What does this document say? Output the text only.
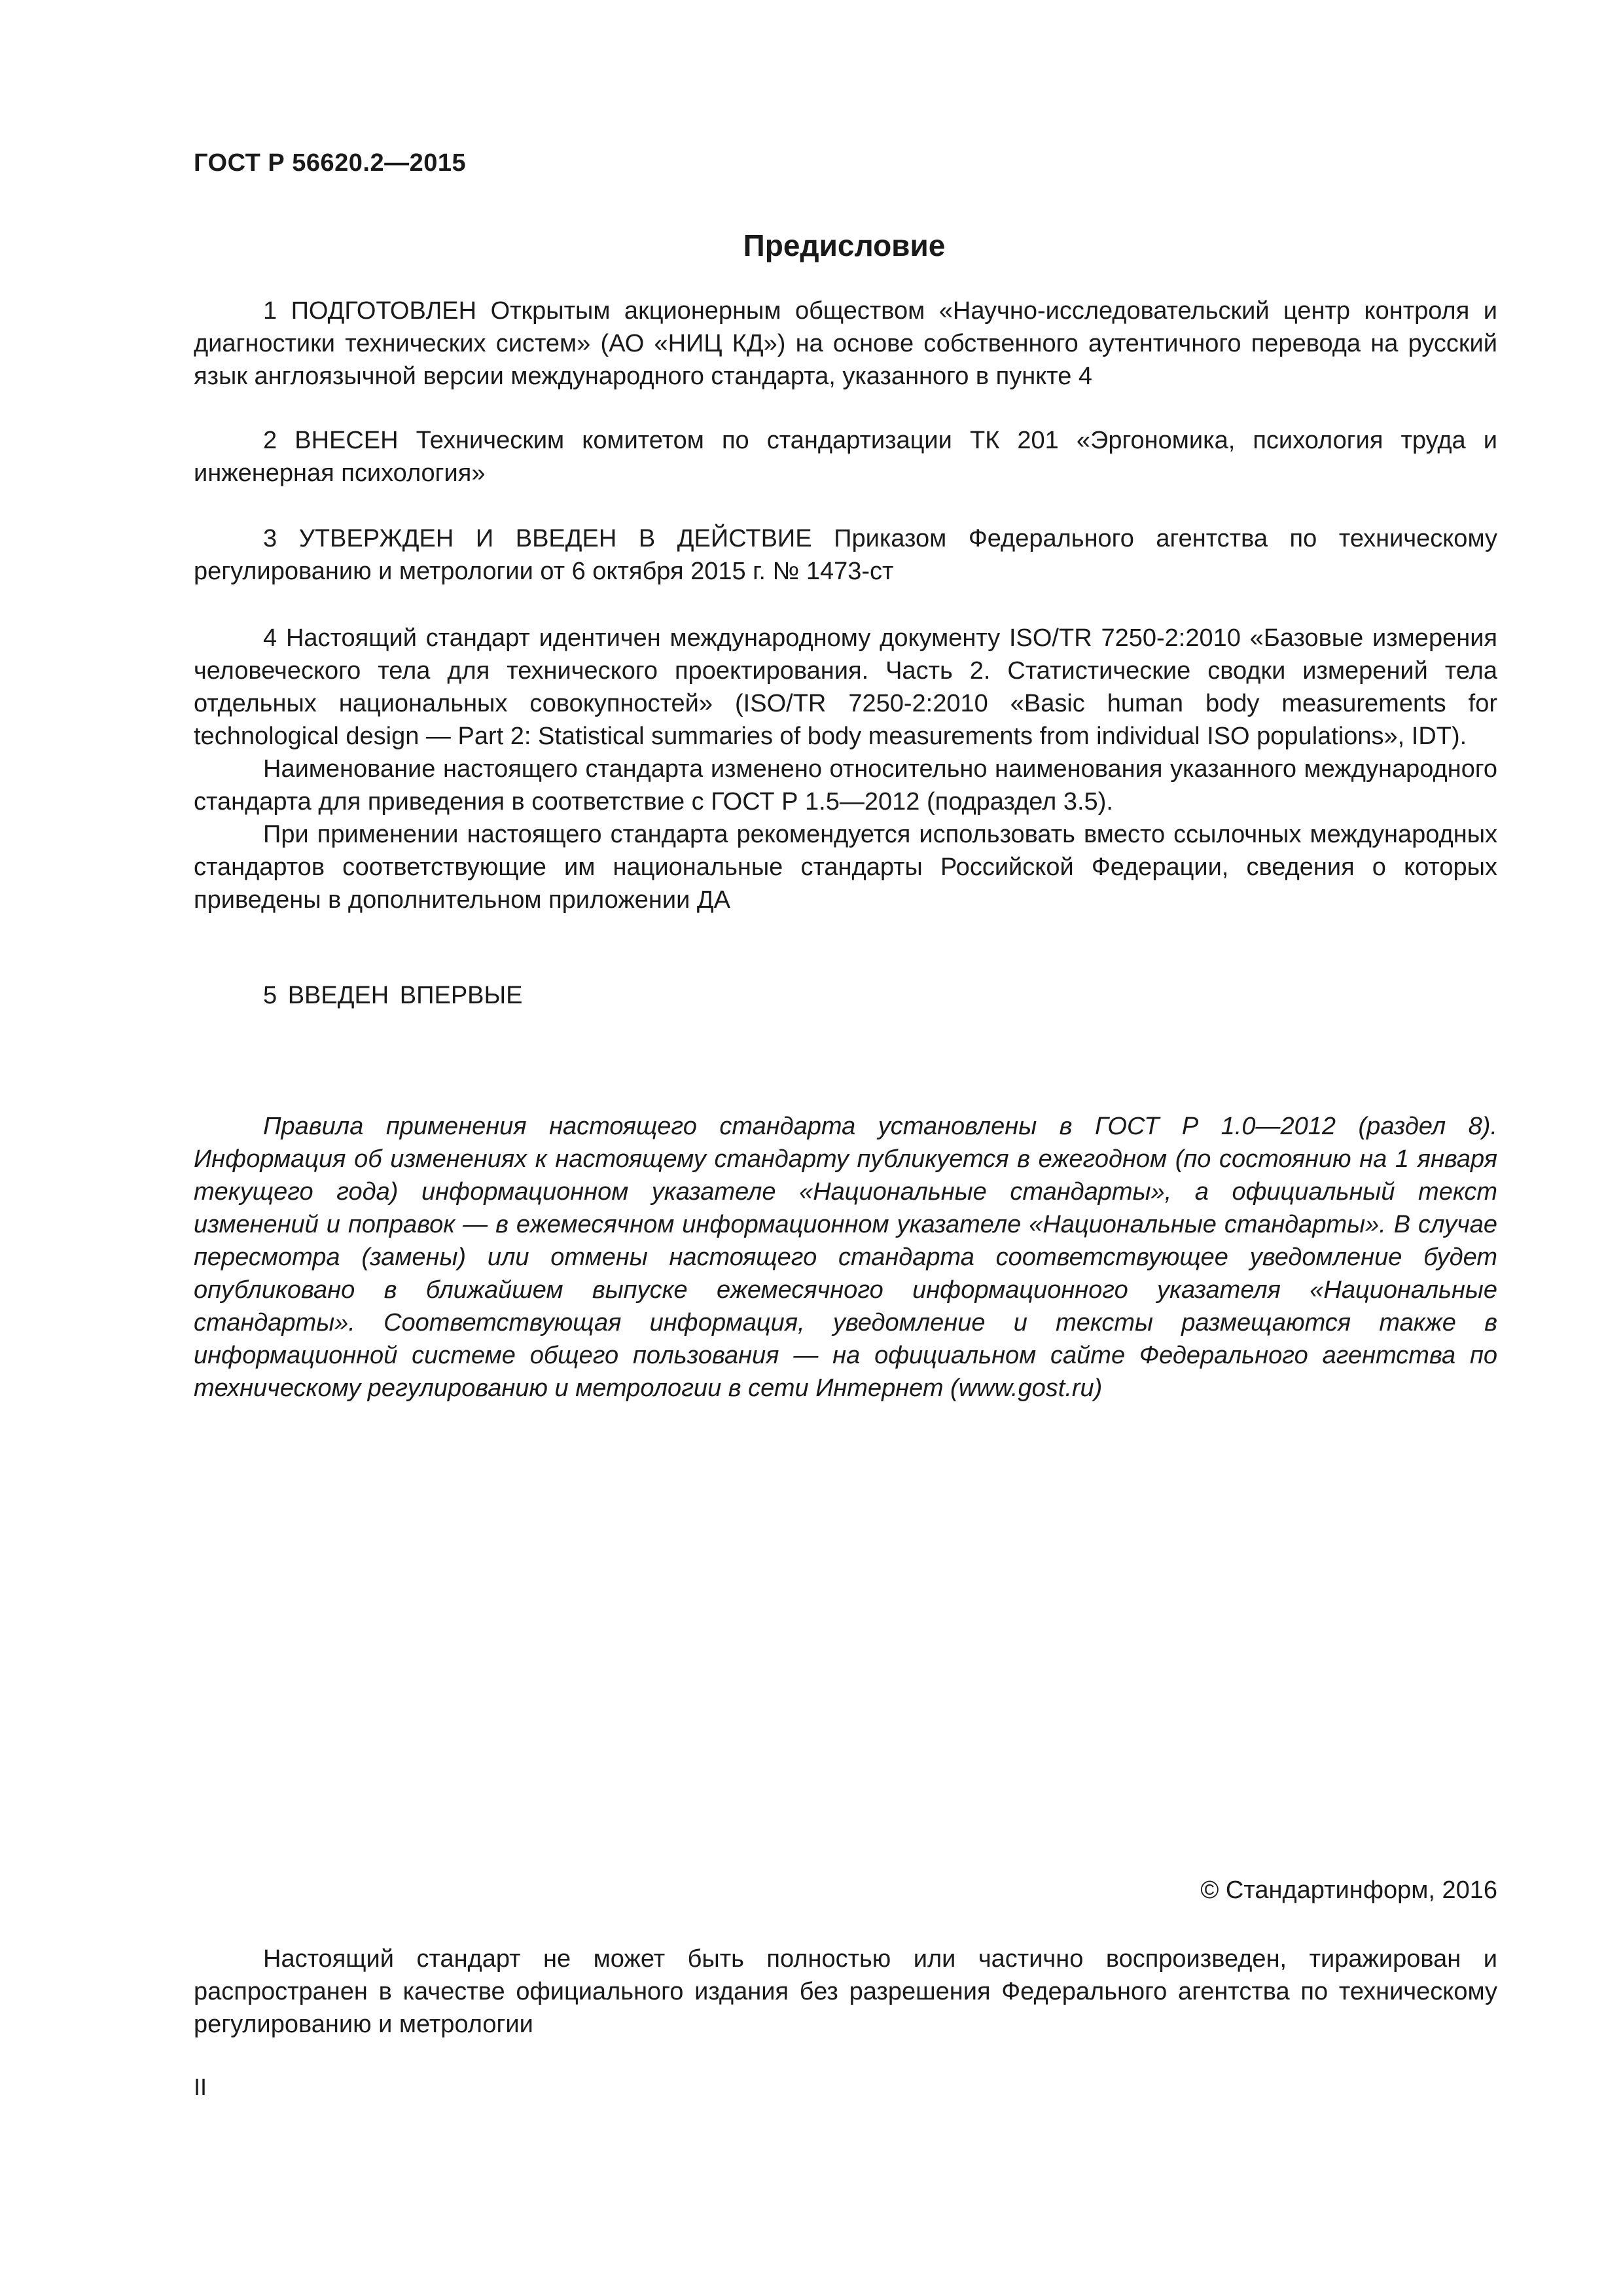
ГОСТ Р 56620.2—2015
Предисловие

1 ПОДГОТОВЛЕН Открытым акционерным обществом «Научно-исследовательский центр контроля и диагностики технических систем» (АО «НИЦ КД») на основе собственного аутентичного перевода на русский язык англоязычной версии международного стандарта, указанного в пункте 4

2 ВНЕСЕН Техническим комитетом по стандартизации ТК 201 «Эргономика, психология труда и инженерная психология»

3 УТВЕРЖДЕН И ВВЕДЕН В ДЕЙСТВИЕ Приказом Федерального агентства по техническому регулированию и метрологии от 6 октября 2015 г. № 1473-ст

4 Настоящий стандарт идентичен международному документу ISO/TR 7250-2:2010 «Базовые измерения человеческого тела для технического проектирования. Часть 2. Статистические сводки измерений тела отдельных национальных совокупностей» (ISO/TR 7250-2:2010 «Basic human body measurements for technological design — Part 2: Statistical summaries of body measurements from individual ISO populations», IDT).

Наименование настоящего стандарта изменено относительно наименования указанного международного стандарта для приведения в соответствие с ГОСТ Р 1.5—2012 (подраздел 3.5).

При применении настоящего стандарта рекомендуется использовать вместо ссылочных международных стандартов соответствующие им национальные стандарты Российской Федерации, сведения о которых приведены в дополнительном приложении ДА

5 ВВЕДЕН ВПЕРВЫЕ

Правила применения настоящего стандарта установлены в ГОСТ Р 1.0—2012 (раздел 8). Информация об изменениях к настоящему стандарту публикуется в ежегодном (по состоянию на 1 января текущего года) информационном указателе «Национальные стандарты», а официальный текст изменений и поправок — в ежемесячном информационном указателе «Национальные стандарты». В случае пересмотра (замены) или отмены настоящего стандарта соответствующее уведомление будет опубликовано в ближайшем выпуске ежемесячного информационного указателя «Национальные стандарты». Соответствующая информация, уведомление и тексты размещаются также в информационной системе общего пользования — на официальном сайте Федерального агентства по техническому регулированию и метрологии в сети Интернет (www.gost.ru)

© Стандартинформ, 2016

Настоящий стандарт не может быть полностью или частично воспроизведен, тиражирован и распространен в качестве официального издания без разрешения Федерального агентства по техническому регулированию и метрологии

II
